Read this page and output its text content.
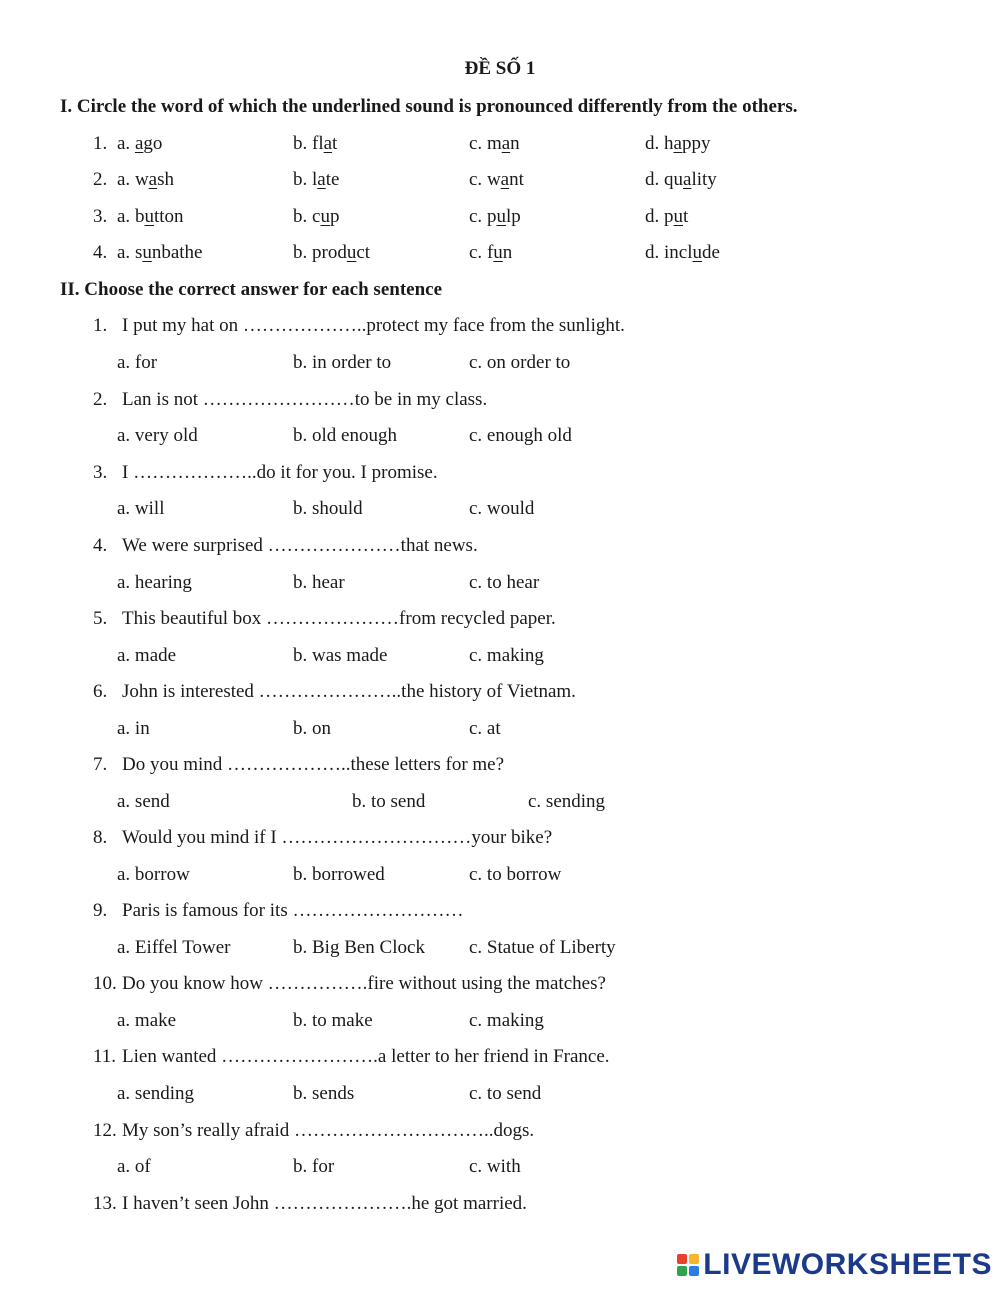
ĐỀ SỐ 1
I. Circle the word of which the underlined sound is pronounced differently from the others.
1. a. ago	b. flat	c. man	d. happy
2. a. wash	b. late	c. want	d. quality
3. a. button	b. cup	c. pulp	d. put
4. a. sunbathe	b. product	c. fun	d. include
II. Choose the correct answer for each sentence
1. I put my hat on ………………..protect my face from the sunlight.
a. for	b. in order to	c. on order to
2. Lan is not ……………………to be in my class.
a. very old	b. old enough	c. enough old
3. I ………………..do it for you. I promise.
a. will	b. should	c. would
4. We were surprised …………………that news.
a. hearing	b. hear	c. to hear
5. This beautiful box …………………from recycled paper.
a. made	b. was made	c. making
6. John is interested …………………..the history of Vietnam.
a. in	b. on	c. at
7. Do you mind ………………..these letters for me?
a. send	b. to send	c. sending
8. Would you mind if I …………………………your bike?
a. borrow	b. borrowed	c. to borrow
9. Paris is famous for its ………………………
a. Eiffel Tower	b. Big Ben Clock c. Statue of Liberty
10. Do you know how …………….fire without using the matches?
a. make	b. to make	c. making
11. Lien wanted …………………….a letter to her friend in France.
a. sending	b. sends	c. to send
12. My son’s really afraid …………………………..dogs.
a. of	b. for	c. with
13. I haven’t seen John ………………….he got married.
LIVEWORKSHEETS
